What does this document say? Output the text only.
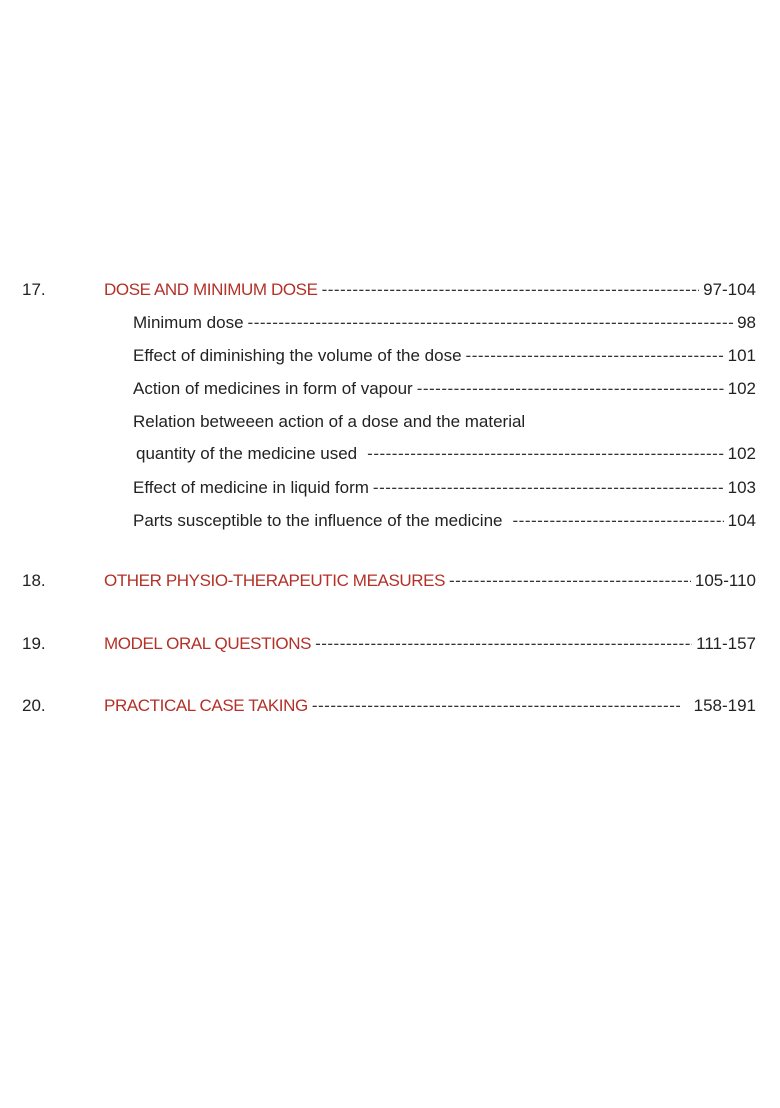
17.	DOSE AND MINIMUM DOSE -----	97-104
Minimum dose -----	98
Effect of diminishing the volume of the dose -----	101
Action of medicines in form of vapour -----	102
Relation betweeen action of a dose and the material
quantity of the medicine used -----	102
Effect of medicine in liquid form -----	103
Parts susceptible to the influence of the medicine -----	104
18.	OTHER PHYSIO-THERAPEUTIC MEASURES -----	105-110
19.	MODEL ORAL QUESTIONS -----	111-157
20.	PRACTICAL CASE TAKING -----	158-191
